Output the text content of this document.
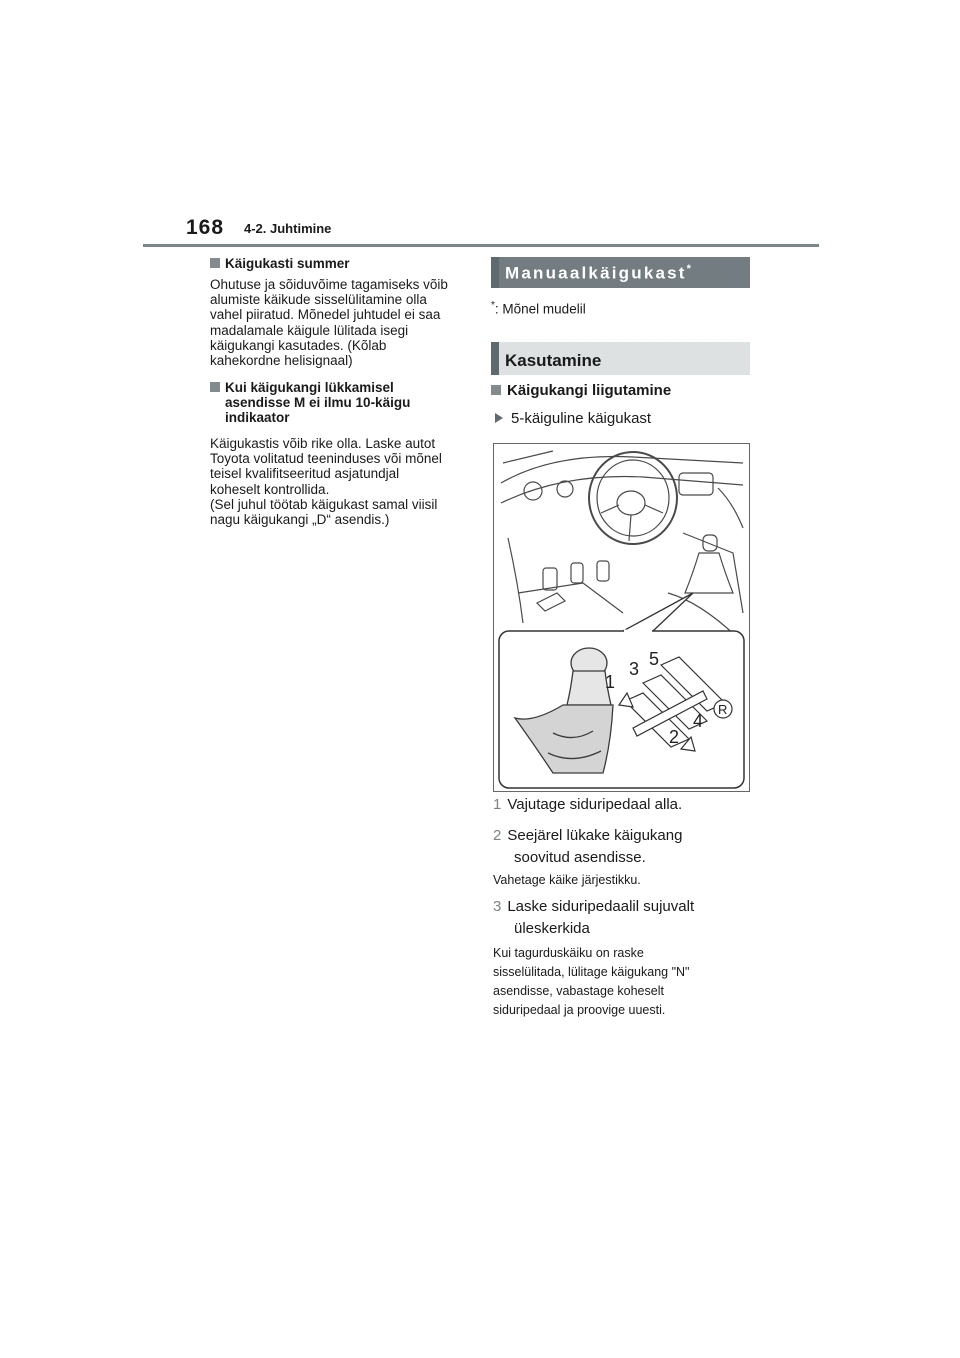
168 4-2. Juhtimine
Käigukasti summer
Ohutuse ja sõiduvõime tagamiseks võib
alumiste käikude sisselülitamine olla
vahel piiratud. Mõnedel juhtudel ei saa
madalamale käigule lülitada isegi
käigukangi kasutades. (Kõlab
kahekordne helisignaal)
Kui käigukangi lükkamisel
asendisse M ei ilmu 10-käigu
indikaator
Käigukastis võib rike olla. Laske autot
Toyota volitatud teeninduses või mõnel
teisel kvalifitseeritud asjatundjal
koheselt kontrollida.
(Sel juhul töötab käigukast samal viisil
nagu käigukangi „D“ asendis.)
Manuaalkäigukast*
*: Mõnel mudelil
Kasutamine
Käigukangi liigutamine
5-käiguline käigukast
1
2
3
4
5
R
1 Vajutage siduripedaal alla.
2 Seejärel lükake käigukang
soovitud asendisse.
Vahetage käike järjestikku.
3 Laske siduripedaalil sujuvalt
üleskerkida
Kui tagurduskäiku on raske
sisselülitada, lülitage käigukang "N"
asendisse, vabastage koheselt
siduripedaal ja proovige uuesti.
